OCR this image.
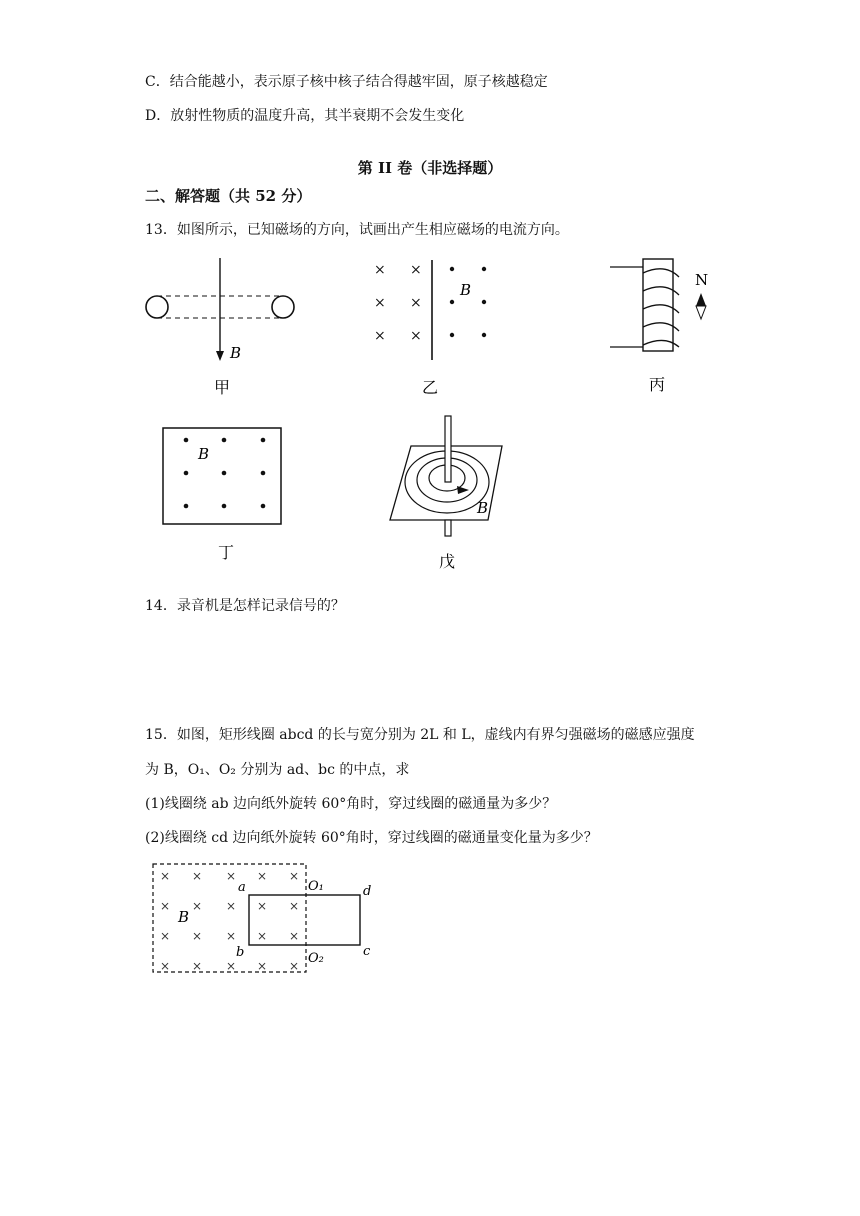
C．结合能越小，表示原子核中核子结合得越牢固，原子核越稳定
D．放射性物质的温度升高，其半衰期不会发生变化
第 II 卷（非选择题）
二、解答题（共 52 分）
13．如图所示，已知磁场的方向，试画出产生相应磁场的电流方向。
B
甲
× ×
× ×
× ×
B
乙
N
丙
B
丁
B
戊
14．录音机是怎样记录信号的？
15．如图，矩形线圈 abcd 的长与宽分别为 2L 和 L，虚线内有界匀强磁场的磁感应强度
为 B，O₁、O₂ 分别为 ad、bc 的中点，求
(1)线圈绕 ab 边向纸外旋转 60°角时，穿过线圈的磁通量为多少？
(2)线圈绕 cd 边向纸外旋转 60°角时，穿过线圈的磁通量变化量为多少？
× × ×
× × × × ×
× × × × ×
× × × × ×
× ×
a
b	c
d
O₁
O₂
B
